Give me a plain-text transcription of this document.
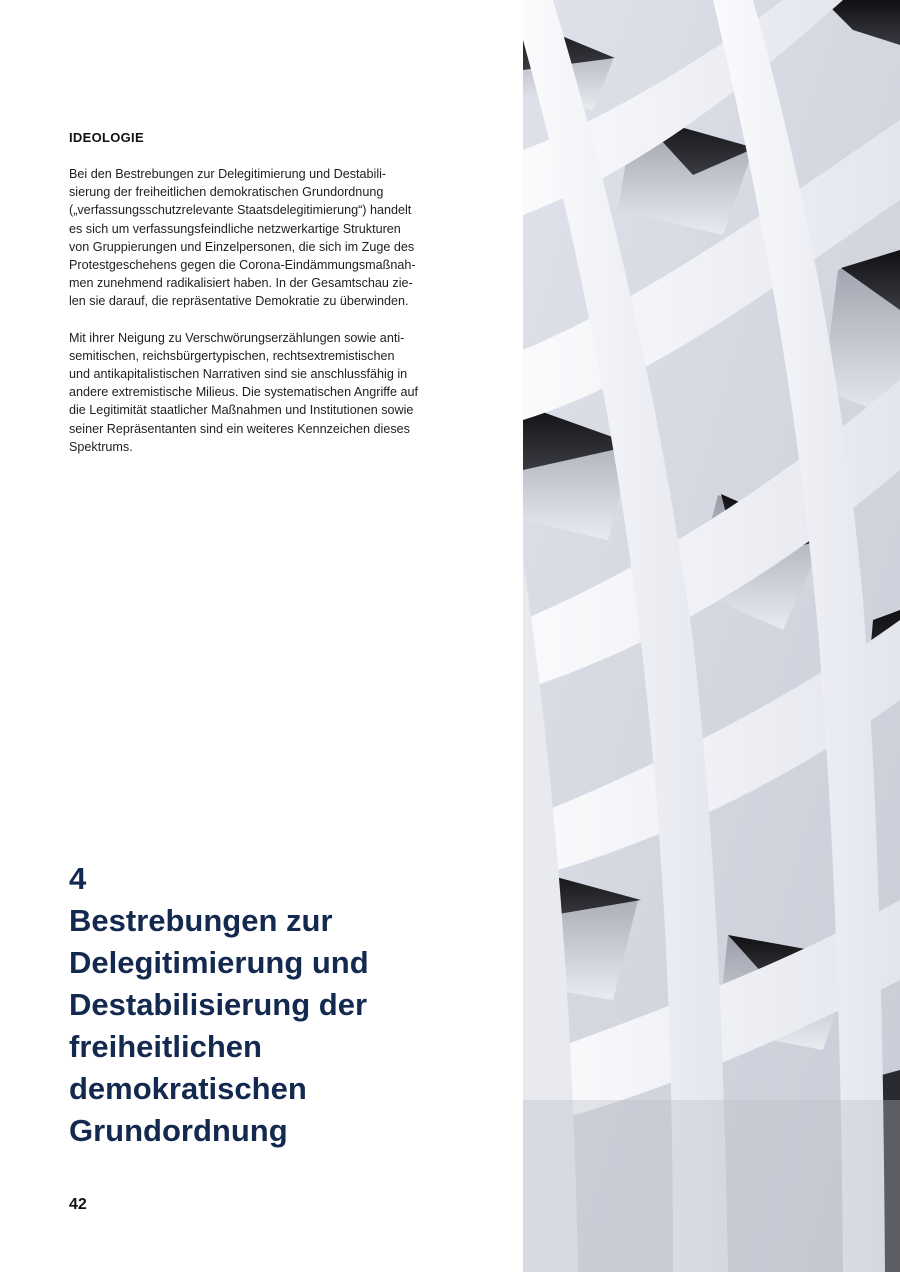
IDEOLOGIE

Bei den Bestrebungen zur Delegitimierung und Destabili-
sierung der freiheitlichen demokratischen Grundordnung
(„verfassungsschutzrelevante Staatsdelegitimierung“) handelt
es sich um verfassungsfeindliche netzwerkartige Strukturen
von Gruppierungen und Einzelpersonen, die sich im Zuge des
Protestgeschehens gegen die Corona-Eindämmungsmaßnah-
men zunehmend radikalisiert haben. In der Gesamtschau zie-
len sie darauf, die repräsentative Demokratie zu überwinden.

Mit ihrer Neigung zu Verschwörungserzählungen sowie anti-
semitischen, reichsbürgertypischen, rechtsextremistischen
und antikapitalistischen Narrativen sind sie anschlussfähig in
andere extremistische Milieus. Die systematischen Angriffe auf
die Legitimität staatlicher Maßnahmen und Institutionen sowie
seiner Repräsentanten sind ein weiteres Kennzeichen dieses
Spektrums.

4
Bestrebungen zur
Delegitimierung und
Destabilisierung der
freiheitlichen
demokratischen
Grundordnung
42
